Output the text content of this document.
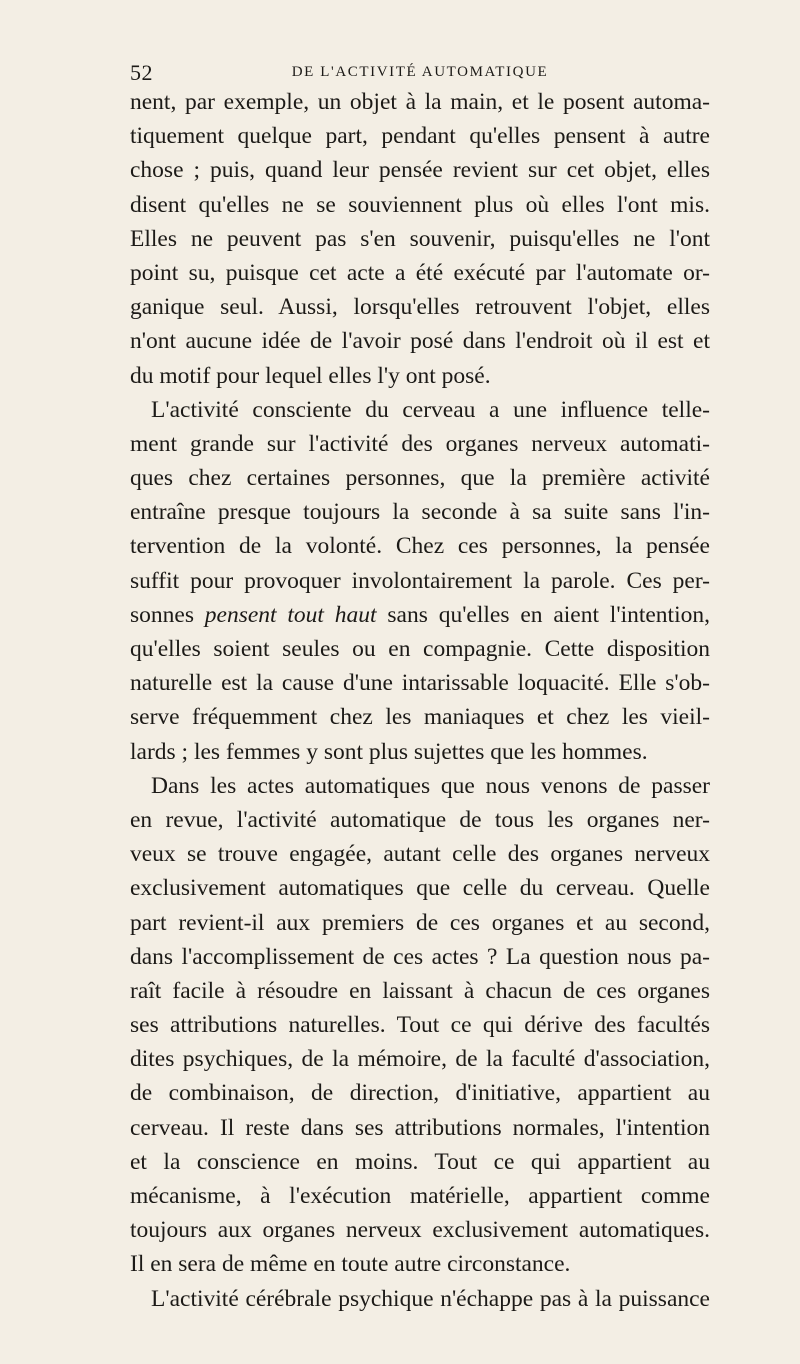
52	DE L'ACTIVITÉ AUTOMATIQUE
nent, par exemple, un objet à la main, et le posent automa-
tiquement quelque part, pendant qu'elles pensent à autre
chose ; puis, quand leur pensée revient sur cet objet, elles
disent qu'elles ne se souviennent plus où elles l'ont mis.
Elles ne peuvent pas s'en souvenir, puisqu'elles ne l'ont
point su, puisque cet acte a été exécuté par l'automate or-
ganique seul. Aussi, lorsqu'elles retrouvent l'objet, elles
n'ont aucune idée de l'avoir posé dans l'endroit où il est et
du motif pour lequel elles l'y ont posé.
L'activité consciente du cerveau a une influence telle-
ment grande sur l'activité des organes nerveux automati-
ques chez certaines personnes, que la première activité
entraîne presque toujours la seconde à sa suite sans l'in-
tervention de la volonté. Chez ces personnes, la pensée
suffit pour provoquer involontairement la parole. Ces per-
sonnes pensent tout haut sans qu'elles en aient l'intention,
qu'elles soient seules ou en compagnie. Cette disposition
naturelle est la cause d'une intarissable loquacité. Elle s'ob-
serve fréquemment chez les maniaques et chez les vieil-
lards ; les femmes y sont plus sujettes que les hommes.
Dans les actes automatiques que nous venons de passer
en revue, l'activité automatique de tous les organes ner-
veux se trouve engagée, autant celle des organes nerveux
exclusivement automatiques que celle du cerveau. Quelle
part revient-il aux premiers de ces organes et au second,
dans l'accomplissement de ces actes ? La question nous pa-
raît facile à résoudre en laissant à chacun de ces organes
ses attributions naturelles. Tout ce qui dérive des facultés
dites psychiques, de la mémoire, de la faculté d'association,
de combinaison, de direction, d'initiative, appartient au
cerveau. Il reste dans ses attributions normales, l'intention
et la conscience en moins. Tout ce qui appartient au
mécanisme, à l'exécution matérielle, appartient comme
toujours aux organes nerveux exclusivement automatiques.
Il en sera de même en toute autre circonstance.
L'activité cérébrale psychique n'échappe pas à la puissance
